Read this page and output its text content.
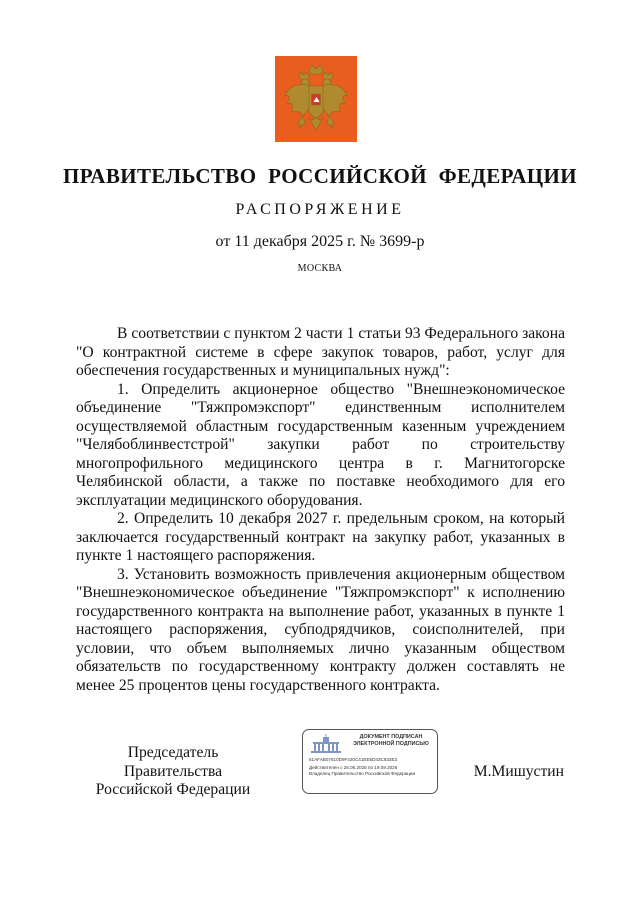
ПРАВИТЕЛЬСТВО РОССИЙСКОЙ ФЕДЕРАЦИИ
РАСПОРЯЖЕНИЕ
от 11 декабря 2025 г. № 3699-р
МОСКВА

В соответствии с пунктом 2 части 1 статьи 93 Федерального закона "О контрактной системе в сфере закупок товаров, работ, услуг для обеспечения государственных и муниципальных нужд":

1. Определить акционерное общество "Внешнеэкономическое объединение "Тяжпромэкспорт" единственным исполнителем осуществляемой областным государственным казенным учреждением "Челябоблинвестстрой" закупки работ по строительству многопрофильного медицинского центра в г. Магнитогорске Челябинской области, а также по поставке необходимого для его эксплуатации медицинского оборудования.

2. Определить 10 декабря 2027 г. предельным сроком, на который заключается государственный контракт на закупку работ, указанных в пункте 1 настоящего распоряжения.

3. Установить возможность привлечения акционерным обществом "Внешнеэкономическое объединение "Тяжпромэкспорт" к исполнению государственного контракта на выполнение работ, указанных в пункте 1 настоящего распоряжения, субподрядчиков, соисполнителей, при условии, что объем выполняемых лично указанным обществом обязательств по государственному контракту должен составлять не менее 25 процентов цены государственного контракта.

Председатель Правительства
Российской Федерации
ДОКУМЕНТ ПОДПИСАН
ЭЛЕКТРОННОЙ ПОДПИСЬЮ
51AFAB07610D9F420C41EE5D43C933E3
Действителен с 26.06.2025 по 19.09.2026
Владелец Правительство Российской Федерации	М.Мишустин
